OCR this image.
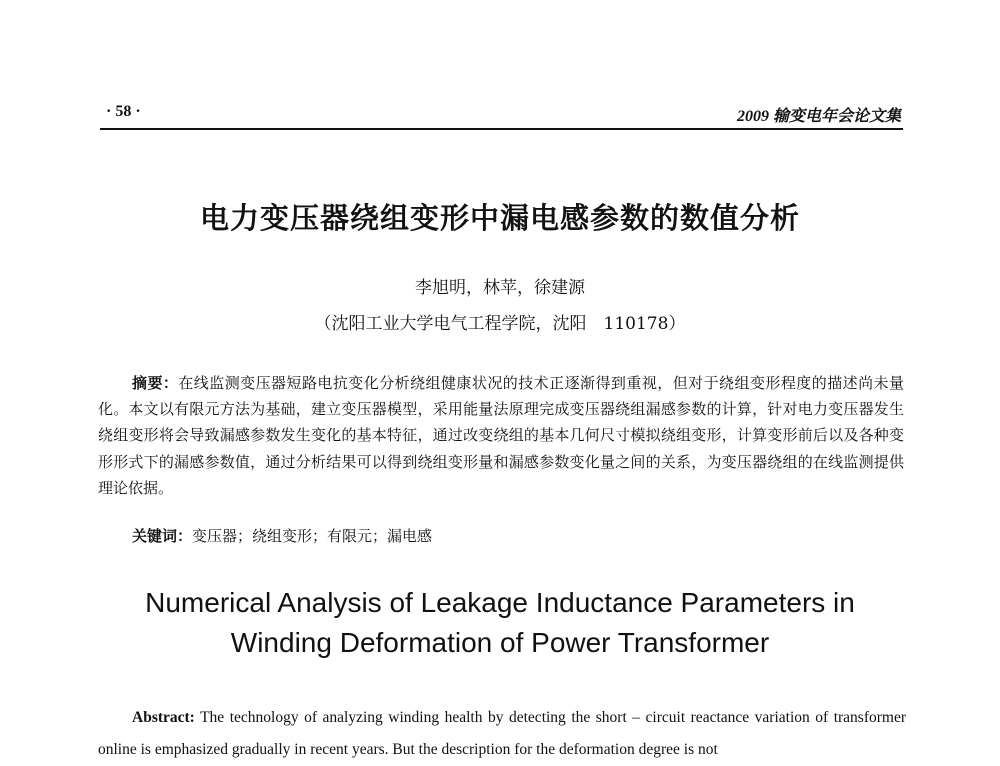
· 58 ·	2009 输变电年会论文集
电力变压器绕组变形中漏电感参数的数值分析
李旭明，林苹，徐建源
（沈阳工业大学电气工程学院，沈阳　110178）
摘要：在线监测变压器短路电抗变化分析绕组健康状况的技术正逐渐得到重视，但对于绕组变形程度的描述尚未量化。本文以有限元方法为基础，建立变压器模型，采用能量法原理完成变压器绕组漏感参数的计算，针对电力变压器发生绕组变形将会导致漏感参数发生变化的基本特征，通过改变绕组的基本几何尺寸模拟绕组变形，计算变形前后以及各种变形形式下的漏感参数值，通过分析结果可以得到绕组变形量和漏感参数变化量之间的关系，为变压器绕组的在线监测提供理论依据。
关键词：变压器；绕组变形；有限元；漏电感
Numerical Analysis of Leakage Inductance Parameters in
Winding Deformation of Power Transformer
Abstract: The technology of analyzing winding health by detecting the short – circuit reactance variation of transformer online is emphasized gradually in recent years. But the description for the deformation degree is not
